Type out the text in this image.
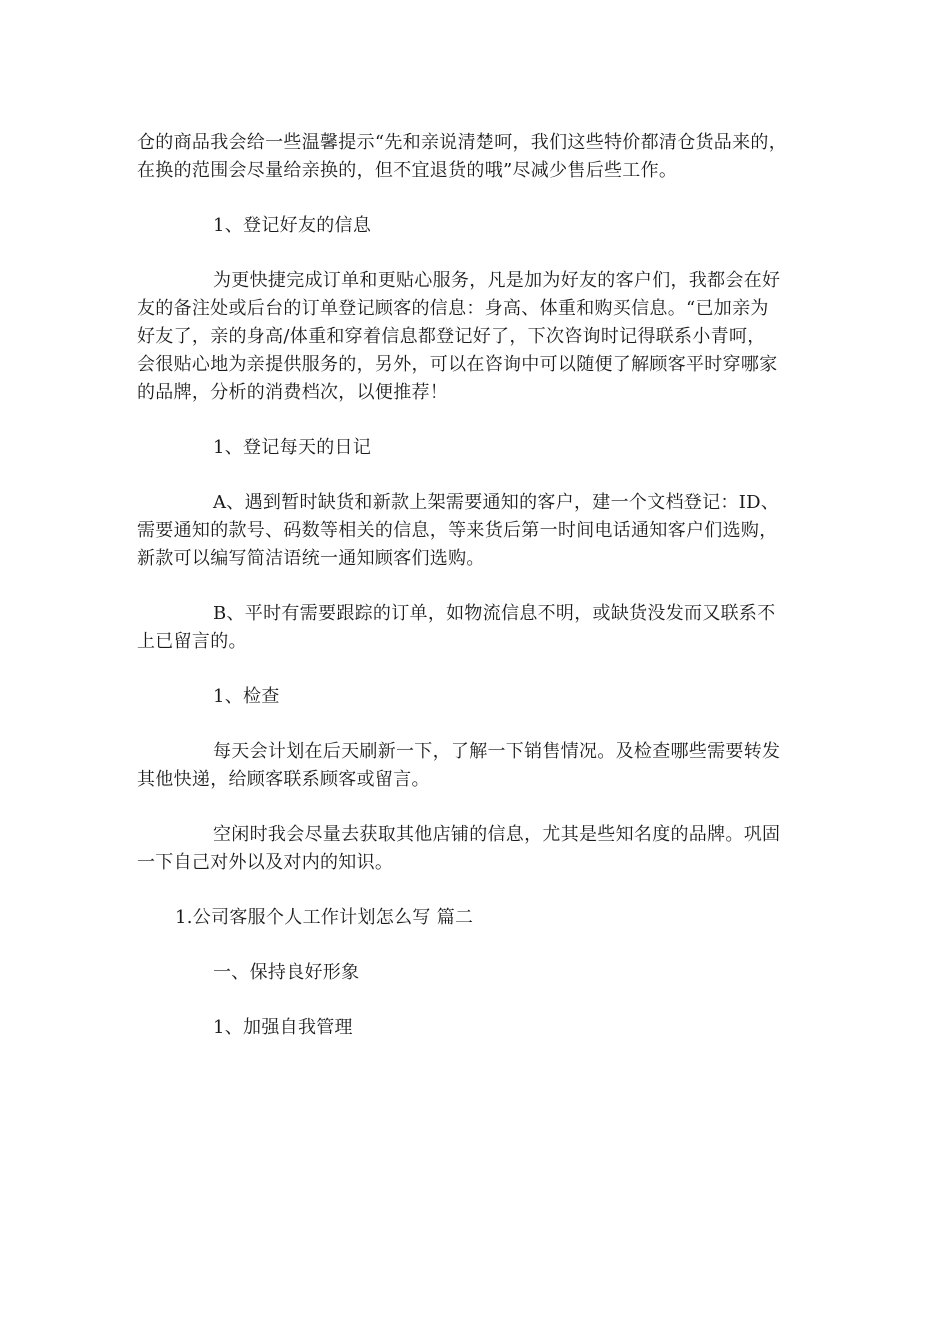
仓的商品我会给一些温馨提示“先和亲说清楚呵，我们这些特价都清仓货品来的，
在换的范围会尽量给亲换的，但不宜退货的哦”尽减少售后些工作。

1、登记好友的信息

为更快捷完成订单和更贴心服务，凡是加为好友的客户们，我都会在好
友的备注处或后台的订单登记顾客的信息：身高、体重和购买信息。“已加亲为
好友了，亲的身高/体重和穿着信息都登记好了，下次咨询时记得联系小青呵，
会很贴心地为亲提供服务的，另外，可以在咨询中可以随便了解顾客平时穿哪家
的品牌，分析的消费档次，以便推荐！

1、登记每天的日记

A、遇到暂时缺货和新款上架需要通知的客户，建一个文档登记：ID、
需要通知的款号、码数等相关的信息，等来货后第一时间电话通知客户们选购，
新款可以编写简洁语统一通知顾客们选购。

B、平时有需要跟踪的订单，如物流信息不明，或缺货没发而又联系不
上已留言的。

1、检查

每天会计划在后天刷新一下，了解一下销售情况。及检查哪些需要转发
其他快递，给顾客联系顾客或留言。

空闲时我会尽量去获取其他店铺的信息，尤其是些知名度的品牌。巩固
一下自己对外以及对内的知识。

1.公司客服个人工作计划怎么写 篇二

一、保持良好形象

1、加强自我管理
